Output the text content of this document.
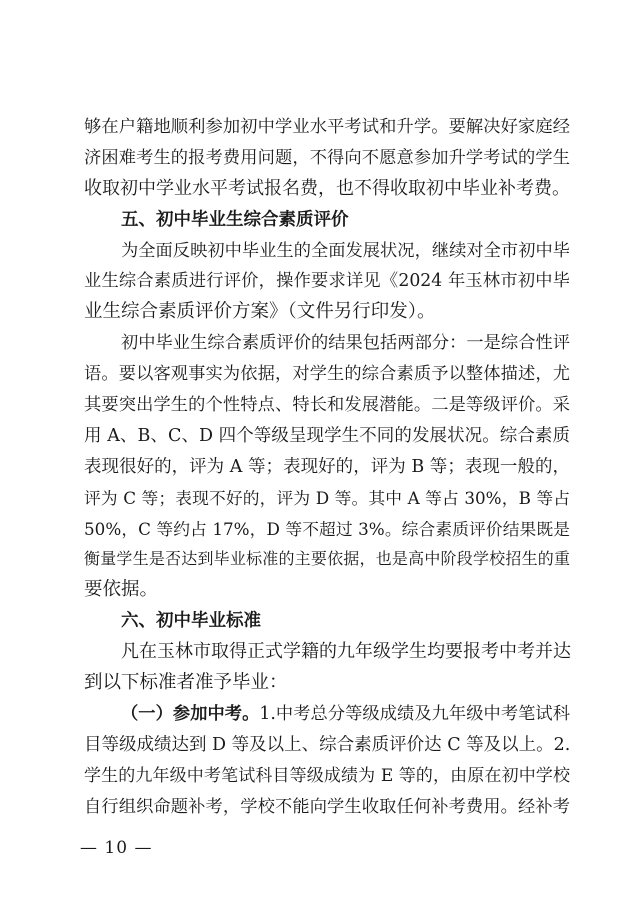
够在户籍地顺利参加初中学业水平考试和升学。要解决好家庭经
济困难考生的报考费用问题，不得向不愿意参加升学考试的学生
收取初中学业水平考试报名费，也不得收取初中毕业补考费。
五、初中毕业生综合素质评价
为全面反映初中毕业生的全面发展状况，继续对全市初中毕
业生综合素质进行评价，操作要求详见《2024 年玉林市初中毕
业生综合素质评价方案》（文件另行印发）。
初中毕业生综合素质评价的结果包括两部分：一是综合性评
语。要以客观事实为依据，对学生的综合素质予以整体描述，尤
其要突出学生的个性特点、特长和发展潜能。二是等级评价。采
用 A、B、C、D 四个等级呈现学生不同的发展状况。综合素质
表现很好的，评为 A 等；表现好的，评为 B 等；表现一般的，
评为 C 等；表现不好的，评为 D 等。其中 A 等占 30%，B 等占
50%，C 等约占 17%，D 等不超过 3%。综合素质评价结果既是
衡量学生是否达到毕业标准的主要依据，也是高中阶段学校招生的重
要依据。
六、初中毕业标准
凡在玉林市取得正式学籍的九年级学生均要报考中考并达
到以下标准者准予毕业：
（一）参加中考。1.中考总分等级成绩及九年级中考笔试科
目等级成绩达到 D 等及以上、综合素质评价达 C 等及以上。2.
学生的九年级中考笔试科目等级成绩为 E 等的，由原在初中学校
自行组织命题补考，学校不能向学生收取任何补考费用。经补考
— 10 —
